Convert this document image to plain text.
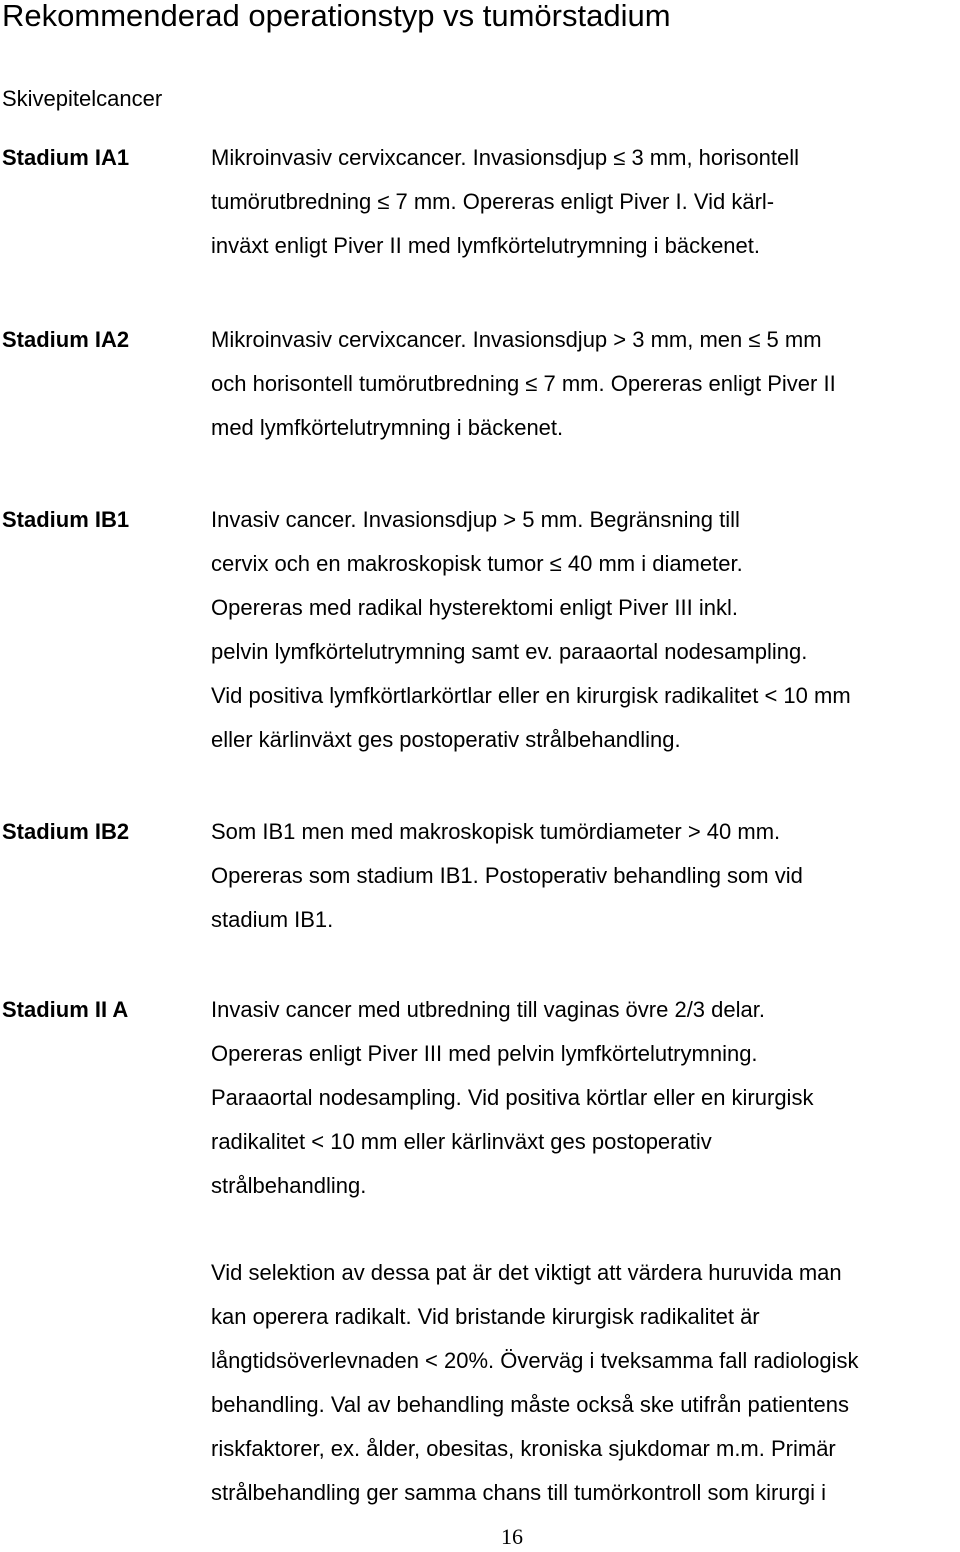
Rekommenderad operationstyp vs tumörstadium
Skivepitelcancer
Stadium IA1	Mikroinvasiv cervixcancer. Invasionsdjup ≤ 3 mm, horisontell
tumörutbredning ≤ 7 mm. Opereras enligt Piver I. Vid kärl-
inväxt enligt Piver II med lymfkörtelutrymning i bäckenet.
Stadium IA2	Mikroinvasiv cervixcancer. Invasionsdjup > 3 mm, men ≤ 5 mm
och horisontell tumörutbredning ≤ 7 mm. Opereras enligt Piver II
med lymfkörtelutrymning i bäckenet.
Stadium IB1	Invasiv cancer. Invasionsdjup > 5 mm. Begränsning till
cervix och en makroskopisk tumor ≤ 40 mm i diameter.
Opereras med radikal hysterektomi enligt Piver III inkl.
pelvin lymfkörtelutrymning samt ev. paraaortal nodesampling.
Vid positiva lymfkörtlarkörtlar eller en kirurgisk radikalitet < 10 mm
eller kärlinväxt ges postoperativ strålbehandling.
Stadium IB2	Som IB1 men med makroskopisk tumördiameter > 40 mm.
Opereras som stadium IB1. Postoperativ behandling som vid
stadium IB1.
Stadium II A	Invasiv cancer med utbredning till vaginas övre 2/3 delar.
Opereras enligt Piver III med pelvin lymfkörtelutrymning.
Paraaortal nodesampling. Vid positiva körtlar eller en kirurgisk
radikalitet < 10 mm eller kärlinväxt ges postoperativ
strålbehandling.
Vid selektion av dessa pat är det viktigt att värdera huruvida man
kan operera radikalt. Vid bristande kirurgisk radikalitet är
långtidsöverlevnaden < 20%. Överväg i tveksamma fall radiologisk
behandling. Val av behandling måste också ske utifrån patientens
riskfaktorer, ex. ålder, obesitas, kroniska sjukdomar m.m. Primär
strålbehandling ger samma chans till tumörkontroll som kirurgi i
16
